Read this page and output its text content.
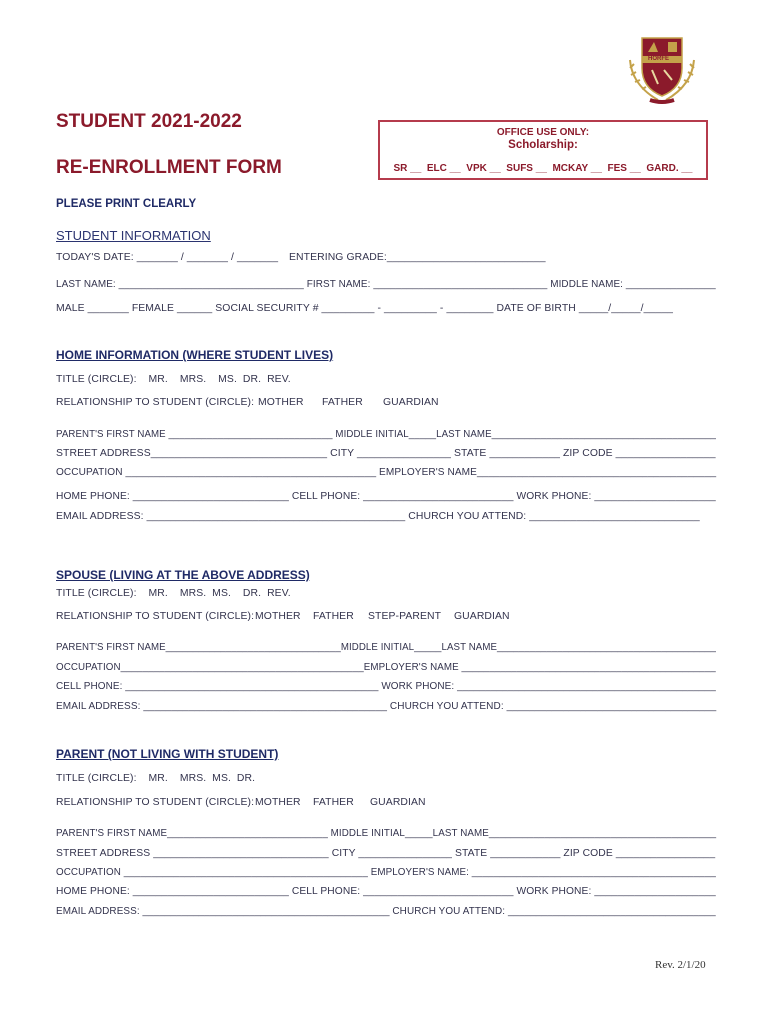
HORFE
STUDENT 2021-2022
RE-ENROLLMENT FORM
OFFICE USE ONLY:
Scholarship:
SR __  ELC __  VPK __  SUFS __  MCKAY __  FES __  GARD. __
PLEASE PRINT CLEARLY
STUDENT INFORMATION
TODAY'S DATE: _______ / _______ / _______ ENTERING GRADE:___________________________
LAST NAME: _________________________________ FIRST NAME: _______________________________ MIDDLE NAME: ________________
MALE _______ FEMALE ______ SOCIAL SECURITY # _________ - _________ - ________ DATE OF BIRTH _____/_____/_____
HOME INFORMATION (WHERE STUDENT LIVES)
TITLE (CIRCLE):    MR.    MRS.    MS.  DR.  REV.
RELATIONSHIP TO STUDENT (CIRCLE): MOTHER FATHER GUARDIAN
PARENT'S FIRST NAME ______________________________ MIDDLE INITIAL_____LAST NAME_________________________________________
STREET ADDRESS______________________________ CITY ________________ STATE ____________ ZIP CODE _________________
OCCUPATION ____________________________________________ EMPLOYER'S NAME__________________________________________
HOME PHONE: ___________________________ CELL PHONE: __________________________ WORK PHONE: _____________________
EMAIL ADDRESS: ____________________________________________ CHURCH YOU ATTEND: _____________________________
SPOUSE (LIVING AT THE ABOVE ADDRESS)
TITLE (CIRCLE):    MR.    MRS.  MS.    DR.  REV.
RELATIONSHIP TO STUDENT (CIRCLE): MOTHER FATHER STEP-PARENT GUARDIAN
PARENT'S FIRST NAME________________________________MIDDLE INITIAL_____LAST NAME________________________________________
OCCUPATION____________________________________________EMPLOYER'S NAME ______________________________________________
CELL PHONE: _____________________________________________ WORK PHONE: ______________________________________________
EMAIL ADDRESS: ___________________________________________ CHURCH YOU ATTEND: _____________________________________
PARENT (NOT LIVING WITH STUDENT)
TITLE (CIRCLE):    MR.    MRS.  MS.  DR.
RELATIONSHIP TO STUDENT (CIRCLE): MOTHER FATHER GUARDIAN
PARENT'S FIRST NAME_____________________________ MIDDLE INITIAL_____LAST NAME_________________________________________
STREET ADDRESS ______________________________ CITY ________________ STATE ____________ ZIP CODE _________________
OCCUPATION ____________________________________________ EMPLOYER'S NAME: ____________________________________________
HOME PHONE: ___________________________ CELL PHONE: __________________________ WORK PHONE: _____________________
EMAIL ADDRESS: ____________________________________________ CHURCH YOU ATTEND: _____________________________________
Rev. 2/1/20
